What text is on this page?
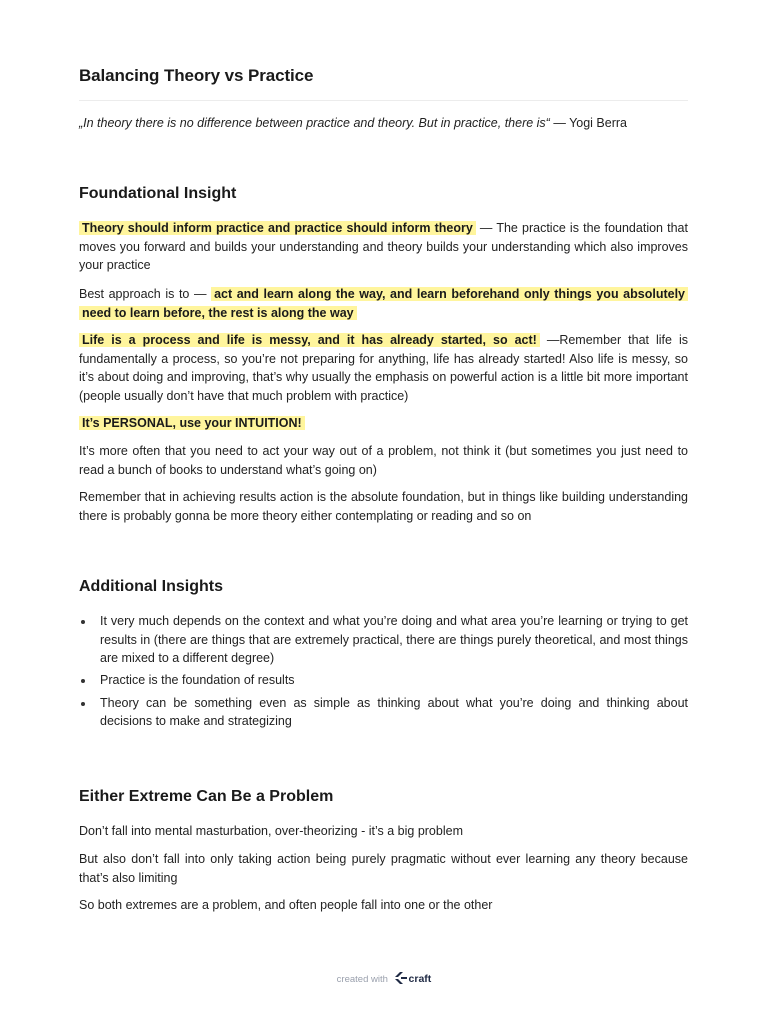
Balancing Theory vs Practice

„In theory there is no difference between practice and theory. But in practice, there is“ — Yogi Berra

Foundational Insight

Theory should inform practice and practice should inform theory — The practice is the foundation that moves you forward and builds your understanding and theory builds your understanding which also improves your practice

Best approach is to — act and learn along the way, and learn beforehand only things you absolutely need to learn before, the rest is along the way

Life is a process and life is messy, and it has already started, so act! —Remember that life is fundamentally a process, so you’re not preparing for anything, life has already started! Also life is messy, so it’s about doing and improving, that’s why usually the emphasis on powerful action is a little bit more important (people usually don’t have that much problem with practice)

It’s PERSONAL, use your INTUITION!

It’s more often that you need to act your way out of a problem, not think it (but sometimes you just need to read a bunch of books to understand what’s going on)

Remember that in achieving results action is the absolute foundation, but in things like building understanding there is probably gonna be more theory either contemplating or reading and so on

Additional Insights
It very much depends on the context and what you’re doing and what area you’re learning or trying to get results in (there are things that are extremely practical, there are things purely theoretical, and most things are mixed to a different degree)
Practice is the foundation of results
Theory can be something even as simple as thinking about what you’re doing and thinking about decisions to make and strategizing
Either Extreme Can Be a Problem

Don’t fall into mental masturbation, over-theorizing - it’s a big problem

But also don’t fall into only taking action being purely pragmatic without ever learning any theory because that’s also limiting

So both extremes are a problem, and often people fall into one or the other

created with craft
